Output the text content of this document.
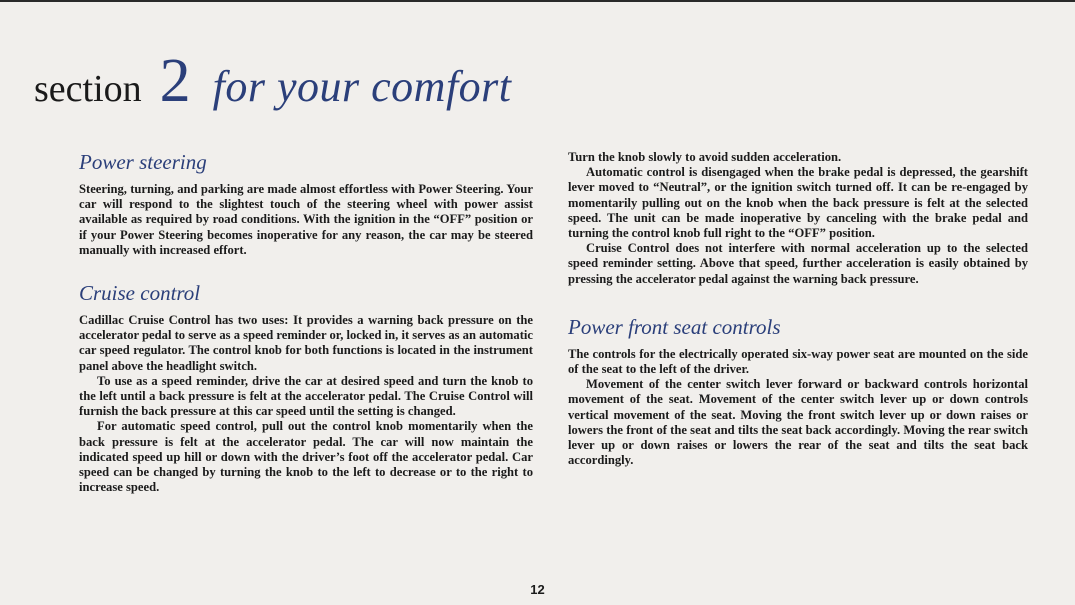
section 2 for your comfort
Power steering

Steering, turning, and parking are made almost effortless with Power Steering. Your car will respond to the slightest touch of the steering wheel with power assist available as required by road conditions. With the ignition in the “OFF” position or if your Power Steering becomes inoperative for any reason, the car may be steered manually with increased effort.

Cruise control

Cadillac Cruise Control has two uses: It provides a warning back pressure on the accelerator pedal to serve as a speed reminder or, locked in, it serves as an automatic car speed regulator. The control knob for both functions is located in the instrument panel above the headlight switch.

To use as a speed reminder, drive the car at desired speed and turn the knob to the left until a back pressure is felt at the accelerator pedal. The Cruise Control will furnish the back pressure at this car speed until the setting is changed.

For automatic speed control, pull out the control knob momentarily when the back pressure is felt at the accelerator pedal. The car will now maintain the indicated speed up hill or down with the driver’s foot off the accelerator pedal. Car speed can be changed by turning the knob to the left to decrease or to the right to increase speed.

Turn the knob slowly to avoid sudden acceleration.

Automatic control is disengaged when the brake pedal is depressed, the gearshift lever moved to “Neutral”, or the ignition switch turned off. It can be re-engaged by momentarily pulling out on the knob when the back pressure is felt at the selected speed. The unit can be made inoperative by canceling with the brake pedal and turning the control knob full right to the “OFF” position.

Cruise Control does not interfere with normal acceleration up to the selected speed reminder setting. Above that speed, further acceleration is easily obtained by pressing the accelerator pedal against the warning back pressure.

Power front seat controls

The controls for the electrically operated six-way power seat are mounted on the side of the seat to the left of the driver.

Movement of the center switch lever forward or backward controls horizontal movement of the seat. Movement of the center switch lever up or down controls vertical movement of the seat. Moving the front switch lever up or down raises or lowers the front of the seat and tilts the seat back accordingly. Moving the rear switch lever up or down raises or lowers the rear of the seat and tilts the seat back accordingly.

12
